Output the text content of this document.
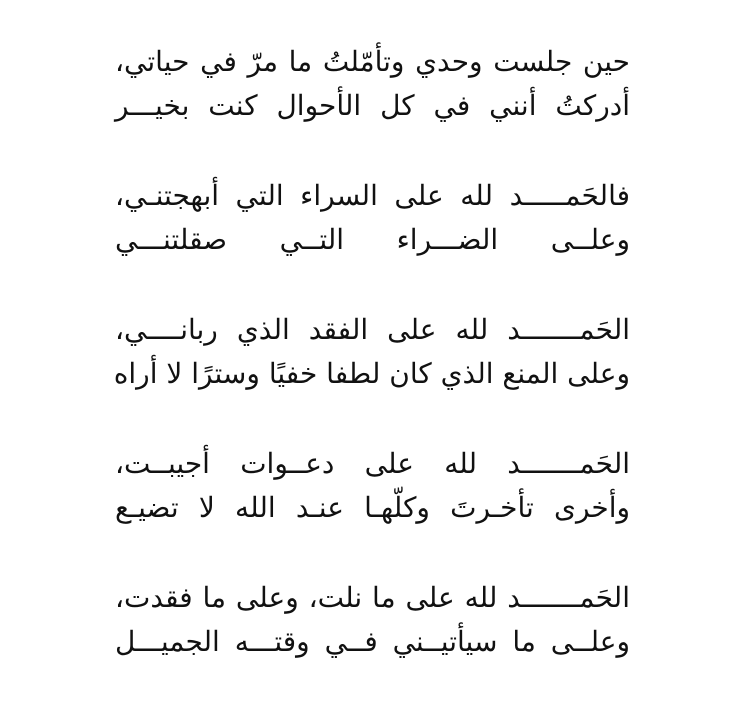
حين جلست وحدي وتأمّلتُ ما مرّ في حياتي،
أدركتُ أنني في كل الأحوال كنت بخيـــر
فالحَمـــــد لله على السراء التي أبهجتنـي،
وعلــى الضـــراء التــي صقلتنـــي
الحَمـــــــد لله على الفقد الذي ربانــــي،
وعلى المنع الذي كان لطفا خفيًا وسترًا لا أراه
الحَمـــــــد لله على دعــوات أجيبــت،
وأخرى تأخـرتَ وكلّهـا عنـد الله لا تضيـع
الحَمـــــــد لله على ما نلت، وعلى ما فقدت،
وعلــى ما سيأتيــني فــي وقتـــه الجميـــل
